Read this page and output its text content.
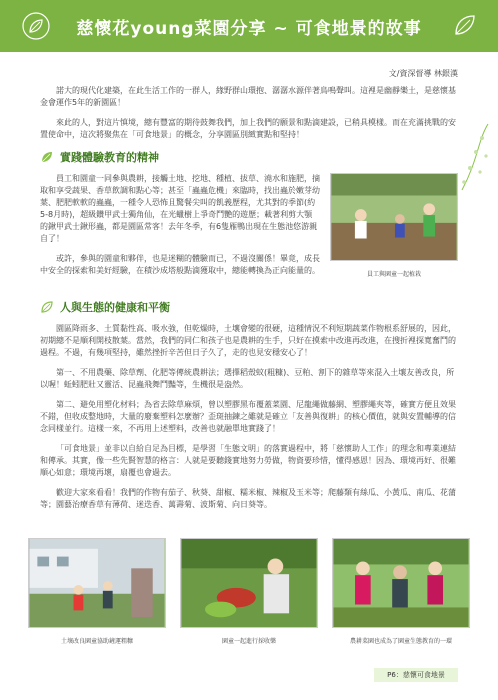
慈懷花young菜園分享 ~ 可食地景的故事
文/資深督導 林銀漢

諾大的現代化建築，在此生活工作的一群人，緣野群山環抱、潺潺水源伴著鳥鳴聲叫。這裡是幽靜樂土，是慈懷基金會運作5年的新園區！

來此的人，對這片慎境，總有豐富的期待鼓舞我們，加上我們的願景和點滴建設，已稍具模樣。而在充滿挑戰的安置使命中，這次將聚焦在「可食地景」的概念，分享園區別緻實點和堅持！

實踐體驗教育的精神

員工和園童一同參與農耕，接觸土地、挖地、種植、拔草、澆水和施肥，摘取和享受蔬果、香草飲調和點心等；甚至「蟲蟲危機」來臨時，找出蟲於嫩芽幼葉、肥肥軟軟的蟲蟲，一種令人恐怖且驚餐尖叫的飢義歷程，尤其對的季節(約5-8月時)，超級鑽甲武士獨角仙，在光蠟樹上爭奇鬥艷的遊歷；載著利剪大顎的鍬甲武士鍬形蟲，都是園區常客！去年冬季，有6隻雁鴨出現在生態池悠游親自了！

或許，參與的園童和夥伴，也是迷糊的體驗而已，不過沒關係！畢竟，成長中安全的探索和美好經驗，在積沙成塔般點滴獲取中，總能轉換為正向能量的。	員工與園童一起植栽
人與生態的健康和平衡

園區降雨多、土質黏性高、吸水強，但乾燥時，土壤會變的很硬，這種情況不利短期蔬菜作物根系舒展的，因此，初期總不是順利開枝散葉。當然，我們的同仁和孩子也是農耕的生手，只好在摸索中改進再改進，在搜折裡探寬奮鬥的過程。不過，有幾項堅持，雖然挫折辛苦但日子久了，走的也見安穩安心了！

第一、不用農藥、除草劑、化肥等傳統農耕法；選擇稻殼蚊(粗糠)、豆粕、割下的雜草等來混入土壤友善改良，所以喔！蚯蚓肥壯又靈活、昆蟲飛舞鬥豔等，生機很是盎然。

第二、避免用塑化材料；為省去除草麻煩，曾以塑膠黑布覆蓋菜園、尼龍繩做藤網、塑膠繩夾等，確實方便且效果不錯，但收成整地時，大量的廢棄塑料怎麼辦？歪斑抽鍊之雖就是確立「友善與復耕」的核心價值，就與安置輔導的信念同樣並行。這樣一來，不再用上述塑料，改善也就融單地實踐了！

「可食地景」並非以自給自足為目標，是學習「生態文明」的落實過程中，將「慈懷助人工作」的理念和專業連結和傳承。其實，像一些先賢智慧的格言：人就是要聽錢實地努力勞做，物資要珍惜，懂得感恩！因為、環境再好、很難順心如意；環境再壞，扇覆也會過去。

歡迎大家來看看！我們的作物有茄子、秋葵、甜椒、糯米椒、辣椒及玉米等；爬藤類有絲瓜、小黃瓜、南瓜、花蒲等；園藝治療香草有薄荷、迷迭香、萬壽菊、波斯菊、向日葵等。

土壤改良園童協助鏟運粗糠	園童一起進行採收樂	農耕菜園也成為了園童生態教育的一環
P6：慈懷可食地景
